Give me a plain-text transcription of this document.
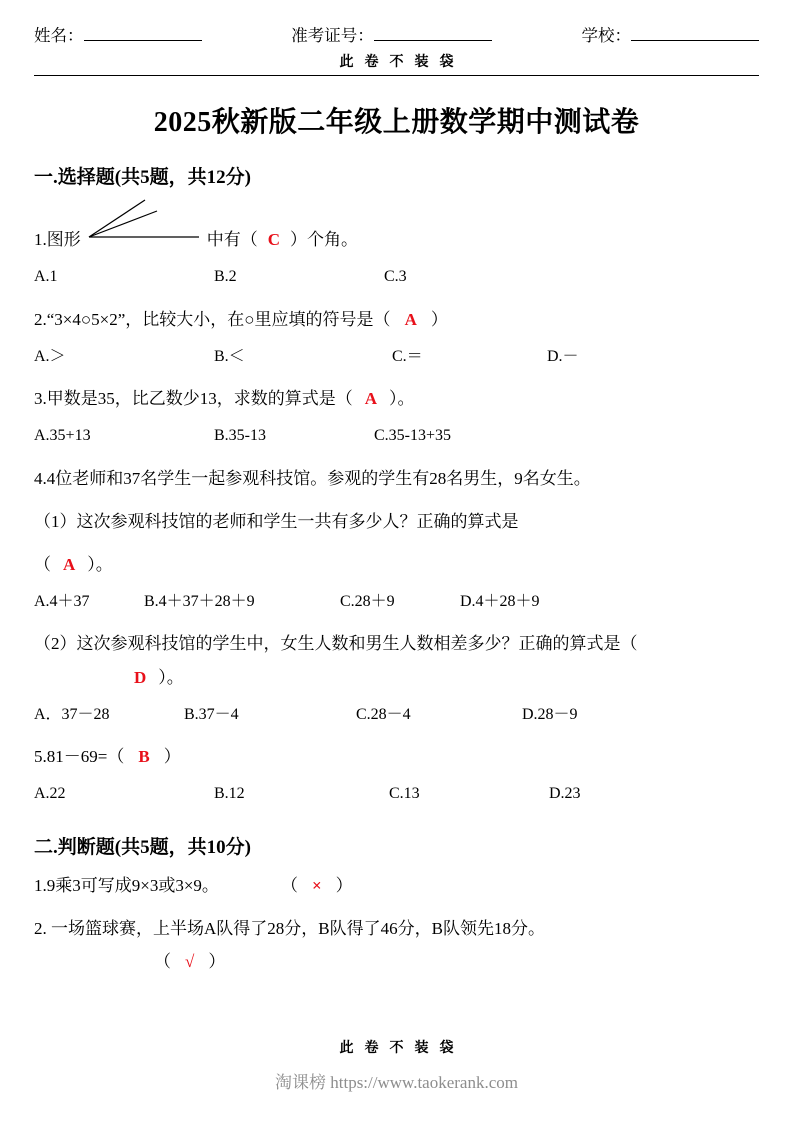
姓名：	准考证号：	学校：
此卷不装袋
2025秋新版二年级上册数学期中测试卷
一.选择题(共5题，共12分)
1.图形	中有（ C ）个角。
A.1	B.2	C.3
2.“3×4○5×2”，比较大小，在○里应填的符号是（ A ）
A.＞	B.＜	C.＝	D.－
3.甲数是35，比乙数少13，求数的算式是（ A ）。
A.35+13	B.35-13	C.35-13+35
4.4位老师和37名学生一起参观科技馆。参观的学生有28名男生，9名女生。
（1）这次参观科技馆的老师和学生一共有多少人？正确的算式是
（ A ）。
A.4＋37	B.4＋37＋28＋9	C.28＋9	D.4＋28＋9
（2）这次参观科技馆的学生中，女生人数和男生人数相差多少？正确的算式是（
D ）。
A．37－28	B.37－4	C.28－4	D.28－9
5.81－69=（ B ）
A.22	B.12	C.13	D.23
二.判断题(共5题，共10分)
1.9乘3可写成9×3或3×9。	（ × ）
2. 一场篮球赛，上半场A队得了28分，B队得了46分，B队领先18分。
（ √ ）
此卷不装袋
淘课榜 https://www.taokerank.com
